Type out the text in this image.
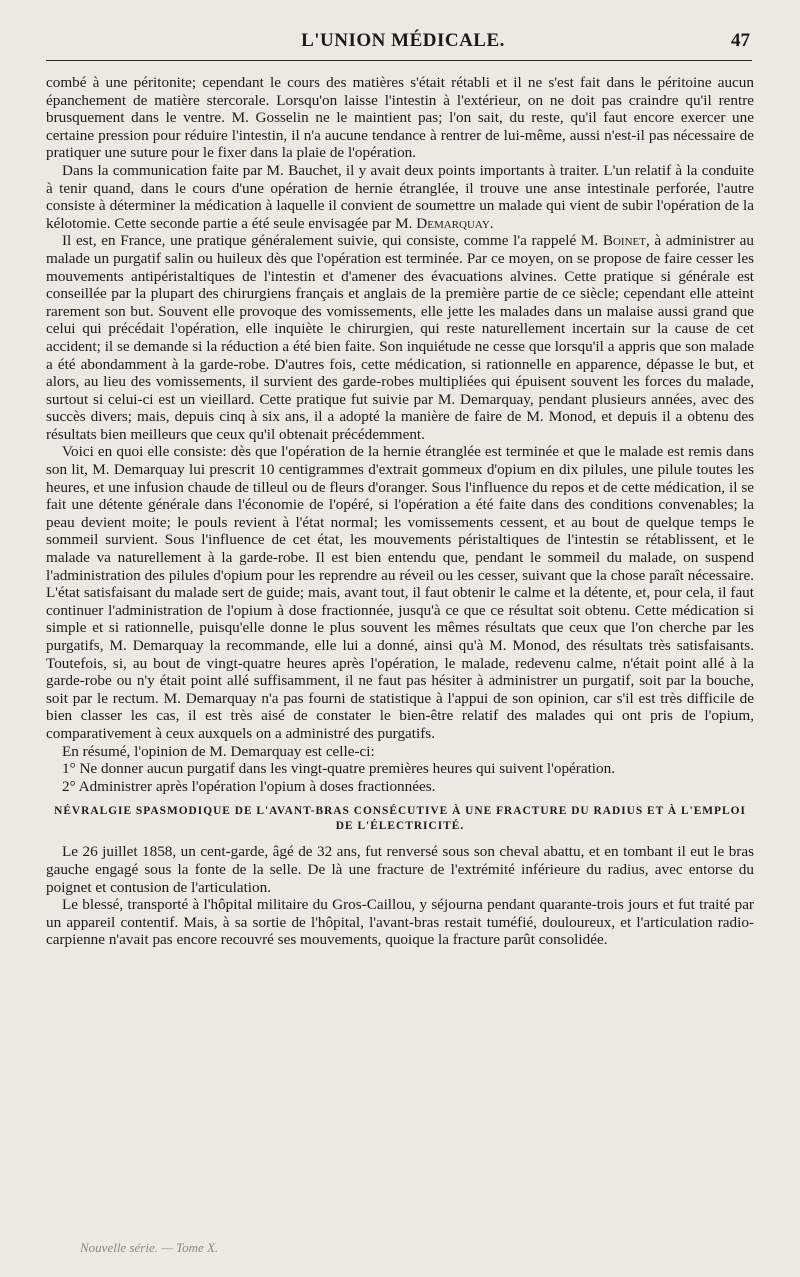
L'UNION MÉDICALE.	47

combé à une péritonite; cependant le cours des matières s'était rétabli et il ne s'est fait dans le péritoine aucun épanchement de matière stercorale. Lorsqu'on laisse l'intestin à l'extérieur, on ne doit pas craindre qu'il rentre brusquement dans le ventre. M. Gosselin ne le maintient pas; l'on sait, du reste, qu'il faut encore exercer une certaine pression pour réduire l'intestin, il n'a aucune tendance à rentrer de lui-même, aussi n'est-il pas nécessaire de pratiquer une suture pour le fixer dans la plaie de l'opération.

Dans la communication faite par M. Bauchet, il y avait deux points importants à traiter. L'un relatif à la conduite à tenir quand, dans le cours d'une opération de hernie étranglée, il trouve une anse intestinale perforée, l'autre consiste à déterminer la médication à laquelle il convient de soumettre un malade qui vient de subir l'opération de la kélotomie. Cette seconde partie a été seule envisagée par M. Demarquay.

Il est, en France, une pratique généralement suivie, qui consiste, comme l'a rappelé M. Boinet, à administrer au malade un purgatif salin ou huileux dès que l'opération est terminée. Par ce moyen, on se propose de faire cesser les mouvements antipéristaltiques de l'intestin et d'amener des évacuations alvines. Cette pratique si générale est conseillée par la plupart des chirurgiens français et anglais de la première partie de ce siècle; cependant elle atteint rarement son but. Souvent elle provoque des vomissements, elle jette les malades dans un malaise aussi grand que celui qui précédait l'opération, elle inquiète le chirurgien, qui reste naturellement incertain sur la cause de cet accident; il se demande si la réduction a été bien faite. Son inquiétude ne cesse que lorsqu'il a appris que son malade a été abondamment à la garde-robe. D'autres fois, cette médication, si rationnelle en apparence, dépasse le but, et alors, au lieu des vomissements, il survient des garde-robes multipliées qui épuisent souvent les forces du malade, surtout si celui-ci est un vieillard. Cette pratique fut suivie par M. Demarquay, pendant plusieurs années, avec des succès divers; mais, depuis cinq à six ans, il a adopté la manière de faire de M. Monod, et depuis il a obtenu des résultats bien meilleurs que ceux qu'il obtenait précédemment.

Voici en quoi elle consiste: dès que l'opération de la hernie étranglée est terminée et que le malade est remis dans son lit, M. Demarquay lui prescrit 10 centigrammes d'extrait gommeux d'opium en dix pilules, une pilule toutes les heures, et une infusion chaude de tilleul ou de fleurs d'oranger. Sous l'influence du repos et de cette médication, il se fait une détente générale dans l'économie de l'opéré, si l'opération a été faite dans des conditions convenables; la peau devient moite; le pouls revient à l'état normal; les vomissements cessent, et au bout de quelque temps le sommeil survient. Sous l'influence de cet état, les mouvements péristaltiques de l'intestin se rétablissent, et le malade va naturellement à la garde-robe. Il est bien entendu que, pendant le sommeil du malade, on suspend l'administration des pilules d'opium pour les reprendre au réveil ou les cesser, suivant que la chose paraît nécessaire. L'état satisfaisant du malade sert de guide; mais, avant tout, il faut obtenir le calme et la détente, et, pour cela, il faut continuer l'administration de l'opium à dose fractionnée, jusqu'à ce que ce résultat soit obtenu. Cette médication si simple et si rationnelle, puisqu'elle donne le plus souvent les mêmes résultats que ceux que l'on cherche par les purgatifs, M. Demarquay la recommande, elle lui a donné, ainsi qu'à M. Monod, des résultats très satisfaisants. Toutefois, si, au bout de vingt-quatre heures après l'opération, le malade, redevenu calme, n'était point allé à la garde-robe ou n'y était point allé suffisamment, il ne faut pas hésiter à administrer un purgatif, soit par la bouche, soit par le rectum. M. Demarquay n'a pas fourni de statistique à l'appui de son opinion, car s'il est très difficile de bien classer les cas, il est très aisé de constater le bien-être relatif des malades qui ont pris de l'opium, comparativement à ceux auxquels on a administré des purgatifs.

En résumé, l'opinion de M. Demarquay est celle-ci:

1° Ne donner aucun purgatif dans les vingt-quatre premières heures qui suivent l'opération.

2° Administrer après l'opération l'opium à doses fractionnées.

NÉVRALGIE SPASMODIQUE DE L'AVANT-BRAS CONSÉCUTIVE À UNE FRACTURE DU RADIUS ET À L'EMPLOI DE L'ÉLECTRICITÉ.

Le 26 juillet 1858, un cent-garde, âgé de 32 ans, fut renversé sous son cheval abattu, et en tombant il eut le bras gauche engagé sous la fonte de la selle. De là une fracture de l'extrémité inférieure du radius, avec entorse du poignet et contusion de l'articulation.

Le blessé, transporté à l'hôpital militaire du Gros-Caillou, y séjourna pendant quarante-trois jours et fut traité par un appareil contentif. Mais, à sa sortie de l'hôpital, l'avant-bras restait tuméfié, douloureux, et l'articulation radio-carpienne n'avait pas encore recouvré ses mouvements, quoique la fracture parût consolidée.

Nouvelle série. — Tome X.
